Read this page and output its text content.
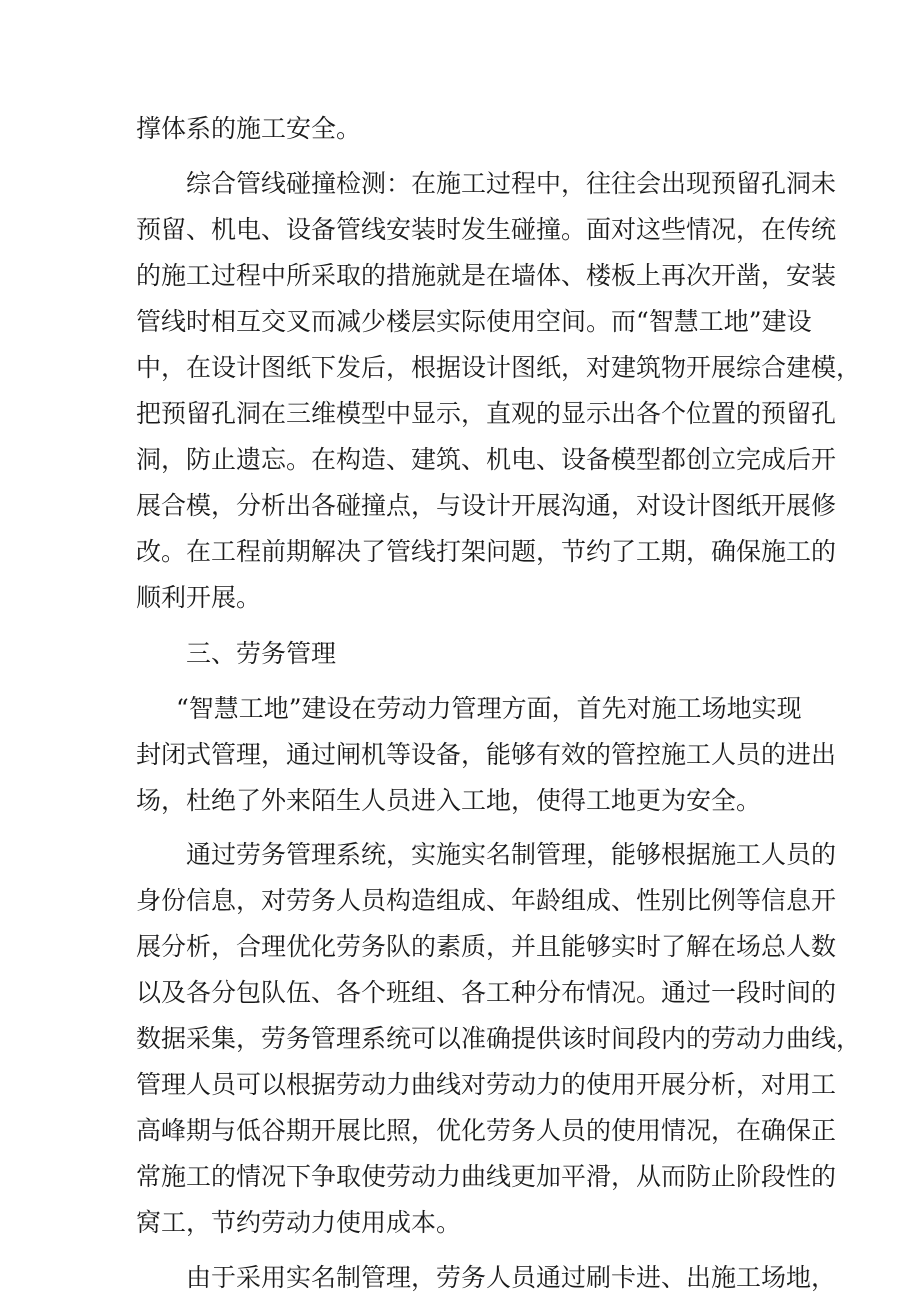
撑体系的施工安全。
综合管线碰撞检测：在施工过程中，往往会出现预留孔洞未
预留、机电、设备管线安装时发生碰撞。面对这些情况，在传统
的施工过程中所采取的措施就是在墙体、楼板上再次开凿，安装
管线时相互交叉而减少楼层实际使用空间。而“智慧工地”建设
中，在设计图纸下发后，根据设计图纸，对建筑物开展综合建模，
把预留孔洞在三维模型中显示，直观的显示出各个位置的预留孔
洞，防止遗忘。在构造、建筑、机电、设备模型都创立完成后开
展合模，分析出各碰撞点，与设计开展沟通，对设计图纸开展修
改。在工程前期解决了管线打架问题，节约了工期，确保施工的
顺利开展。
三、劳务管理
“智慧工地”建设在劳动力管理方面，首先对施工场地实现
封闭式管理，通过闸机等设备，能够有效的管控施工人员的进出
场，杜绝了外来陌生人员进入工地，使得工地更为安全。
通过劳务管理系统，实施实名制管理，能够根据施工人员的
身份信息，对劳务人员构造组成、年龄组成、性别比例等信息开
展分析，合理优化劳务队的素质，并且能够实时了解在场总人数
以及各分包队伍、各个班组、各工种分布情况。通过一段时间的
数据采集，劳务管理系统可以准确提供该时间段内的劳动力曲线，
管理人员可以根据劳动力曲线对劳动力的使用开展分析，对用工
高峰期与低谷期开展比照，优化劳务人员的使用情况，在确保正
常施工的情况下争取使劳动力曲线更加平滑，从而防止阶段性的
窝工，节约劳动力使用成本。
由于采用实名制管理，劳务人员通过刷卡进、出施工场地，
